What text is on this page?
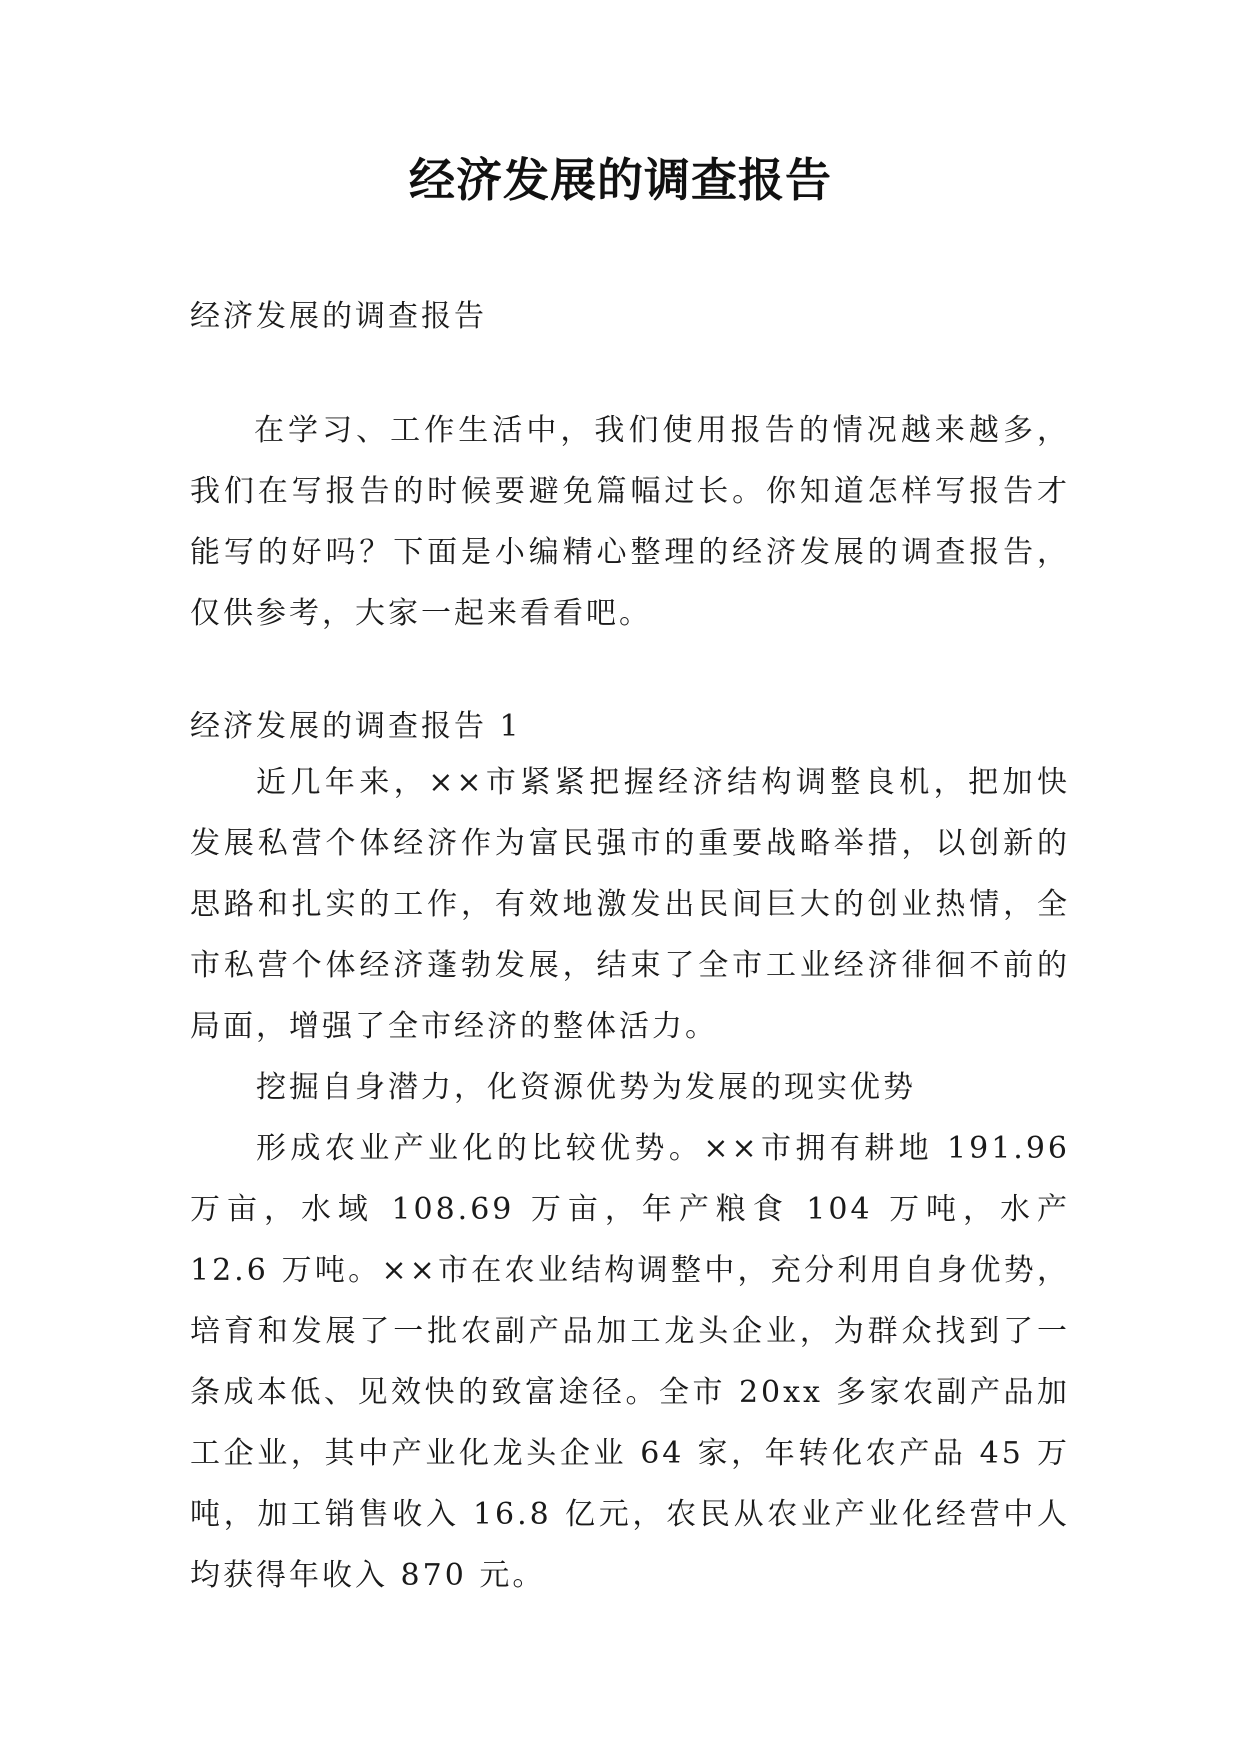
经济发展的调查报告
经济发展的调查报告
在学习、工作生活中，我们使用报告的情况越来越多，我们在写报告的时候要避免篇幅过长。你知道怎样写报告才能写的好吗？下面是小编精心整理的经济发展的调查报告，仅供参考，大家一起来看看吧。
经济发展的调查报告 1

近几年来，××市紧紧把握经济结构调整良机，把加快发展私营个体经济作为富民强市的重要战略举措，以创新的思路和扎实的工作，有效地激发出民间巨大的创业热情，全市私营个体经济蓬勃发展，结束了全市工业经济徘徊不前的局面，增强了全市经济的整体活力。

挖掘自身潜力，化资源优势为发展的现实优势

形成农业产业化的比较优势。××市拥有耕地 191.96 万亩，水域 108.69 万亩，年产粮食 104 万吨，水产 12.6 万吨。××市在农业结构调整中，充分利用自身优势，培育和发展了一批农副产品加工龙头企业，为群众找到了一条成本低、见效快的致富途径。全市 20xx 多家农副产品加工企业，其中产业化龙头企业 64 家，年转化农产品 45 万吨，加工销售收入 16.8 亿元，农民从农业产业化经营中人均获得年收入 870 元。
